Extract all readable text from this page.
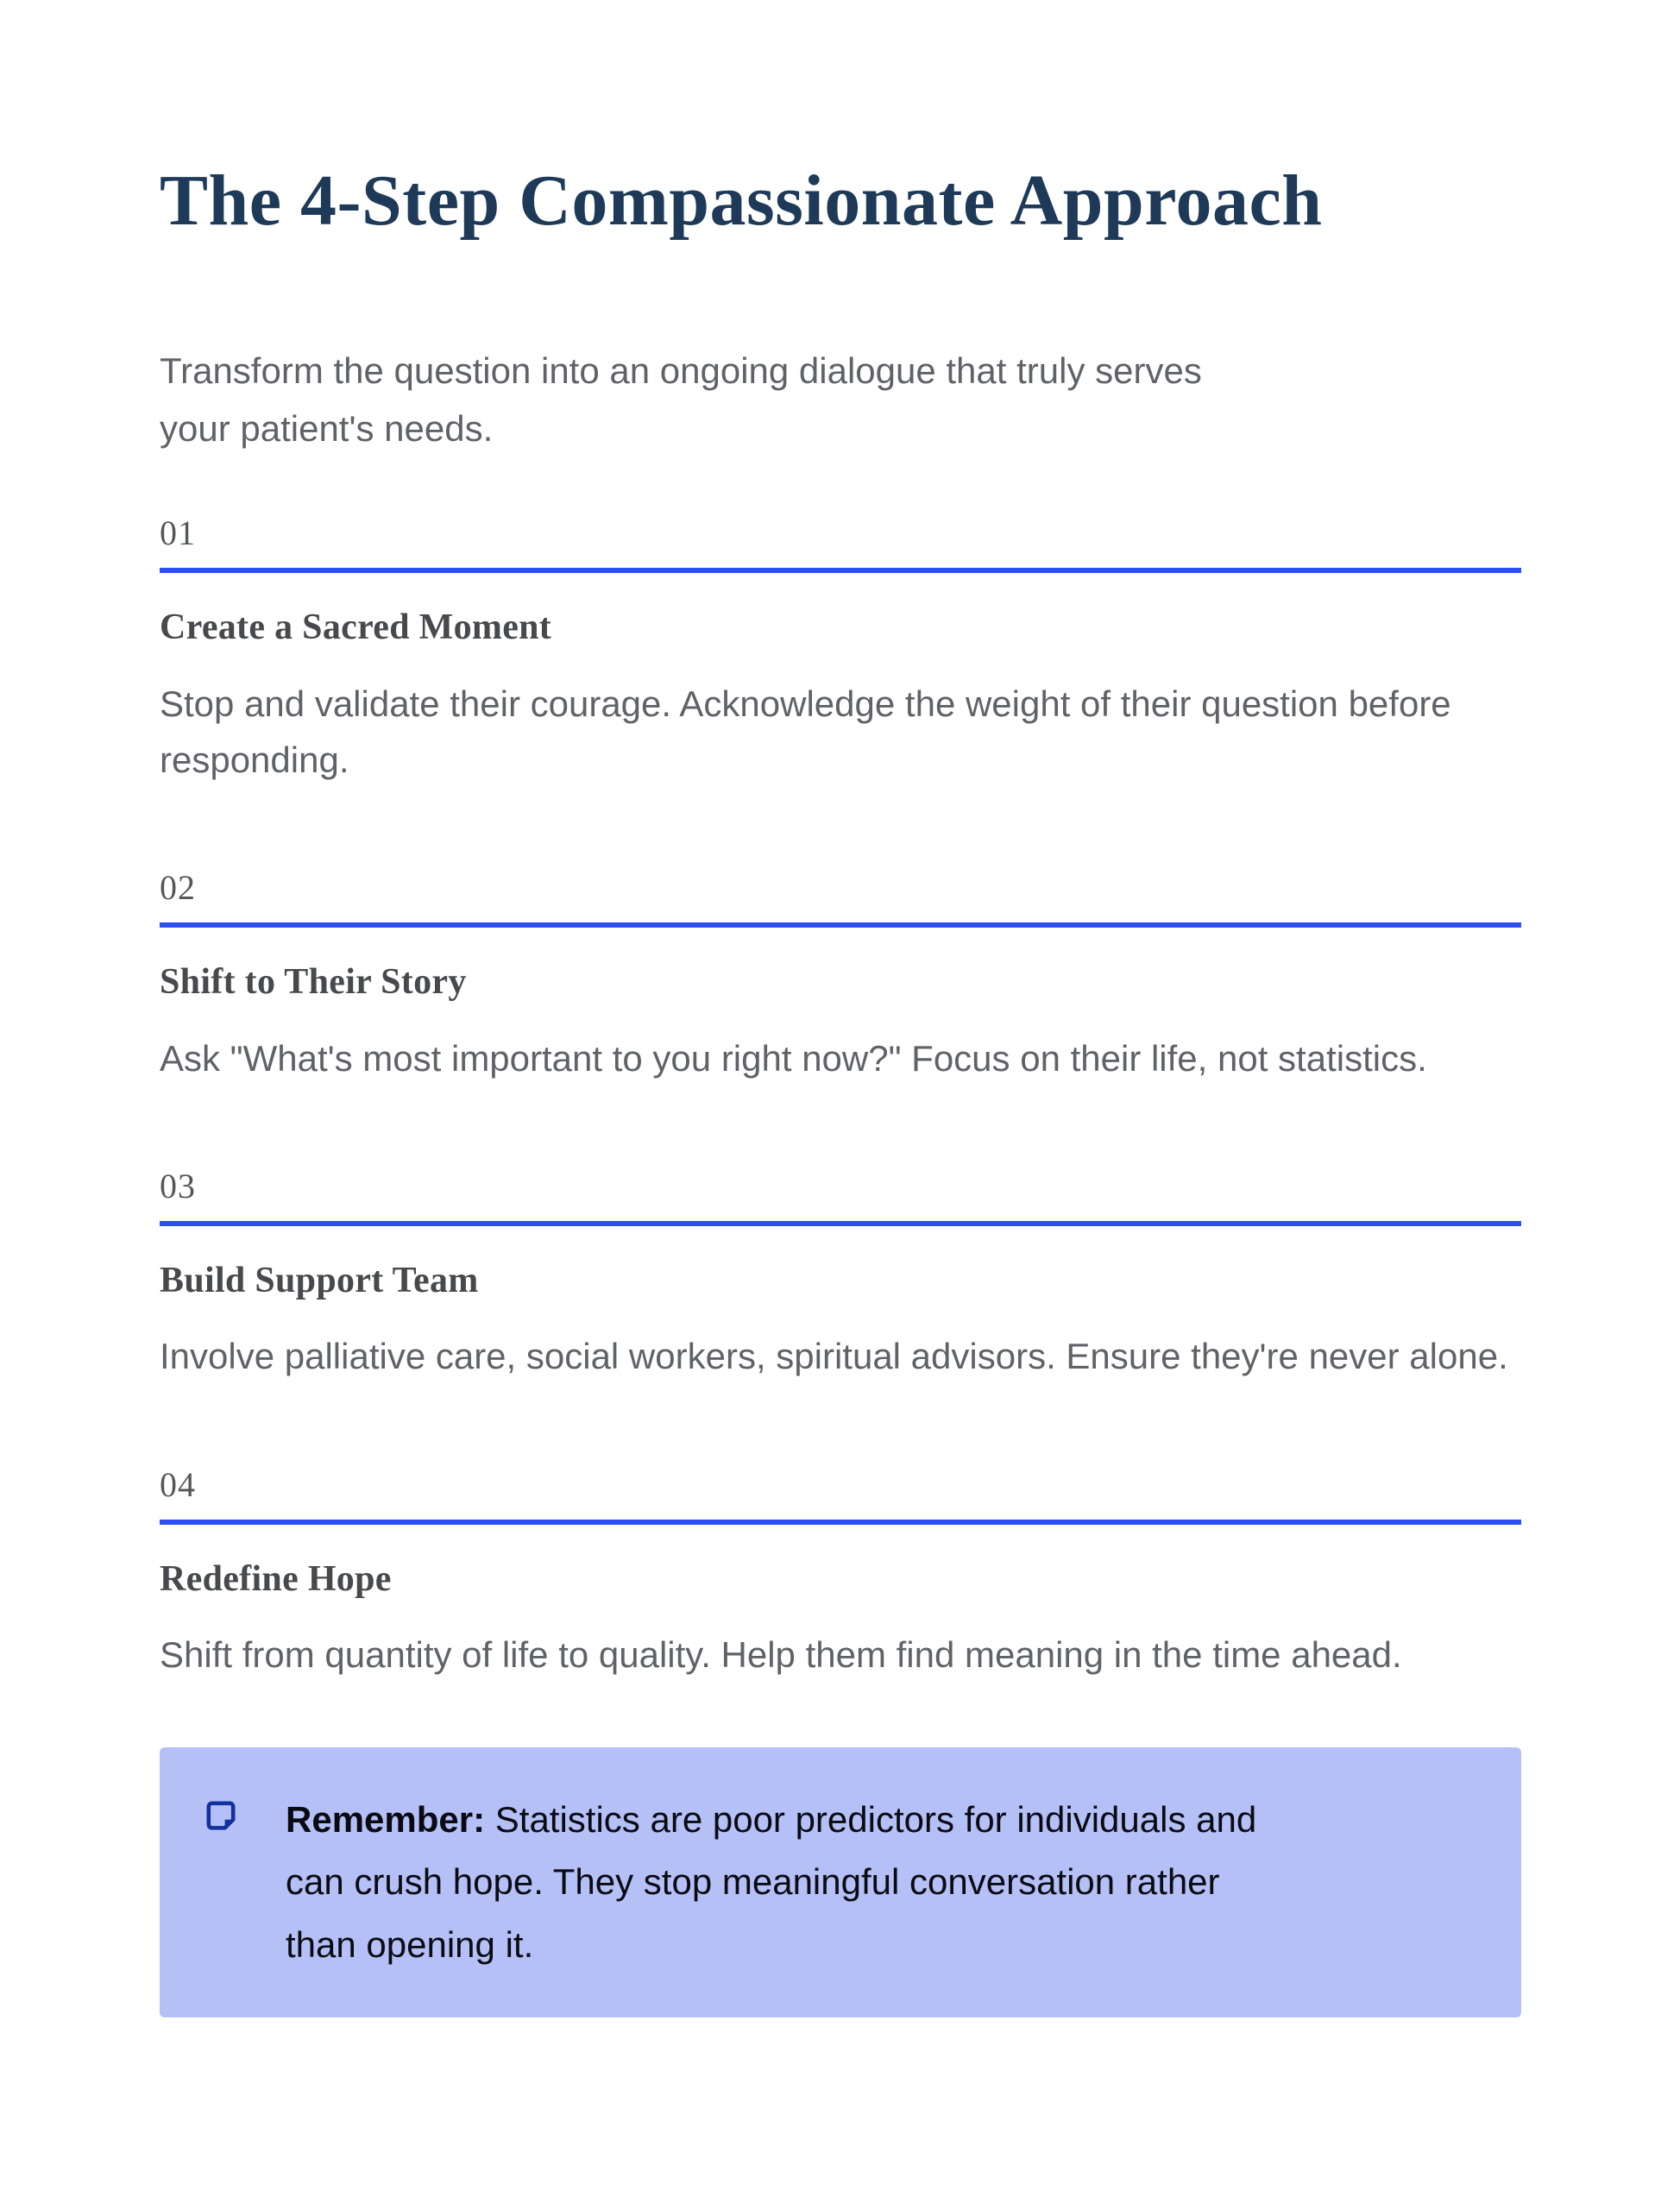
The 4-Step Compassionate Approach

Transform the question into an ongoing dialogue that truly serves your patient's needs.

01
Create a Sacred Moment

Stop and validate their courage. Acknowledge the weight of their question before responding.

02
Shift to Their Story

Ask "What's most important to you right now?" Focus on their life, not statistics.

03
Build Support Team

Involve palliative care, social workers, spiritual advisors. Ensure they're never alone.

04
Redefine Hope

Shift from quantity of life to quality. Help them find meaning in the time ahead.

Remember: Statistics are poor predictors for individuals and can crush hope. They stop meaningful conversation rather than opening it.
